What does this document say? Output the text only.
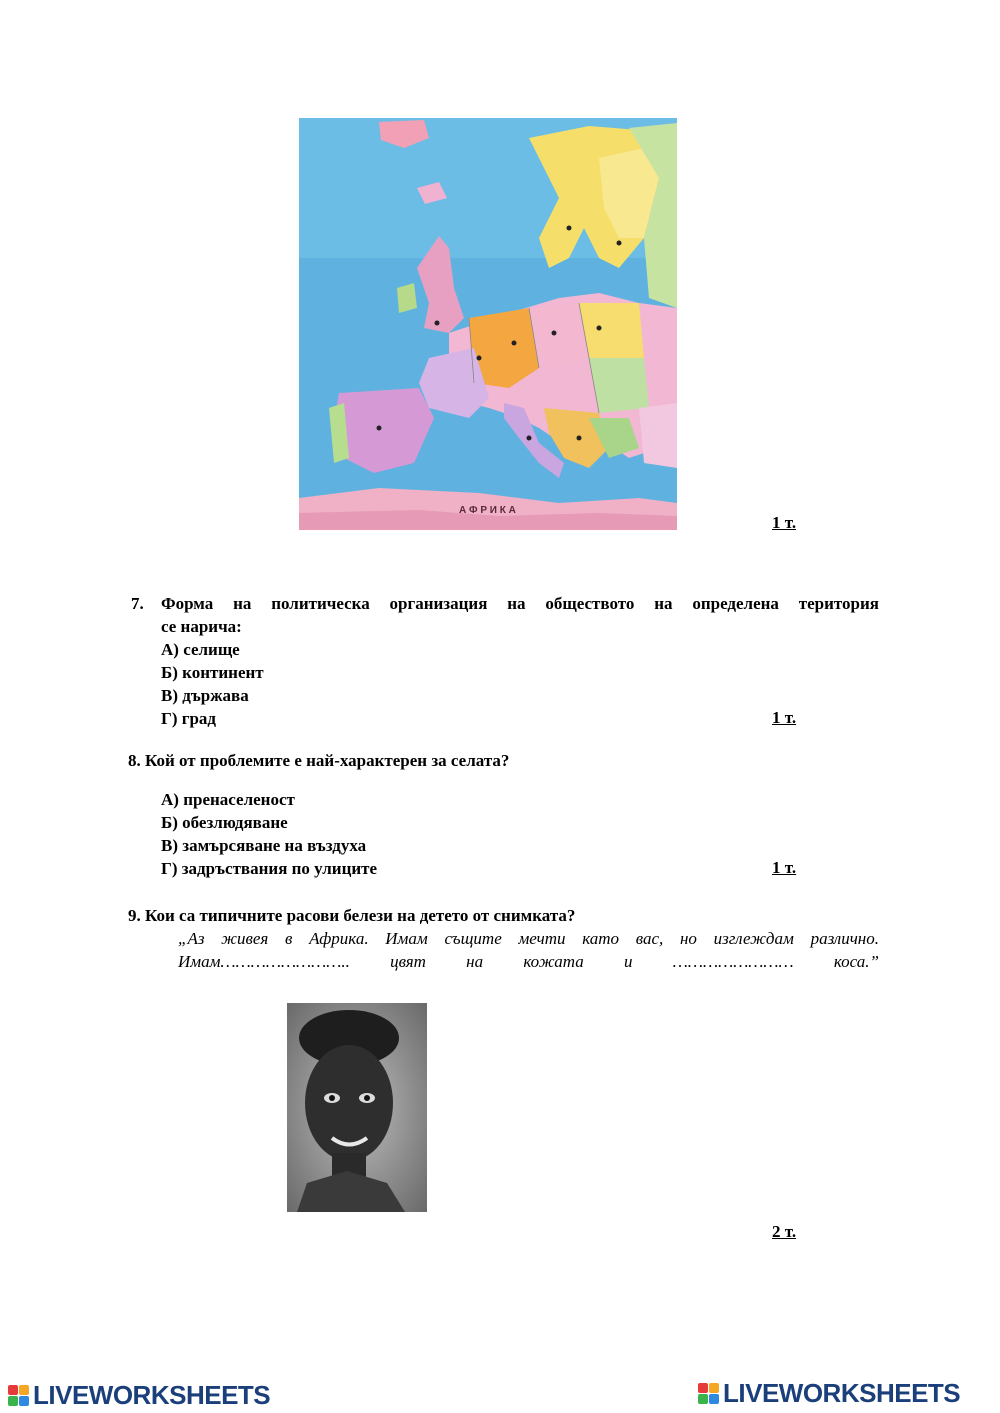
А Ф Р И К А
1 т.
7. Форма на политическа организация на обществото на определена територия
се нарича:
А) селище
Б) континент
В) държава
Г) град	1 т.
8. Кой от проблемите е най-характерен за селата?
А) пренаселеност
Б) обезлюдяване
В) замърсяване на въздуха
Г) задръствания по улиците	1 т.
9. Кои са типичните расови белези на детето от снимката?
„Аз живея в Африка. Имам същите мечти като вас, но изглеждам различно.
Имам…………………….. цвят на кожата и …………………… коса.”
2 т.
LIVEWORKSHEETS	LIVEWORKSHEETS
